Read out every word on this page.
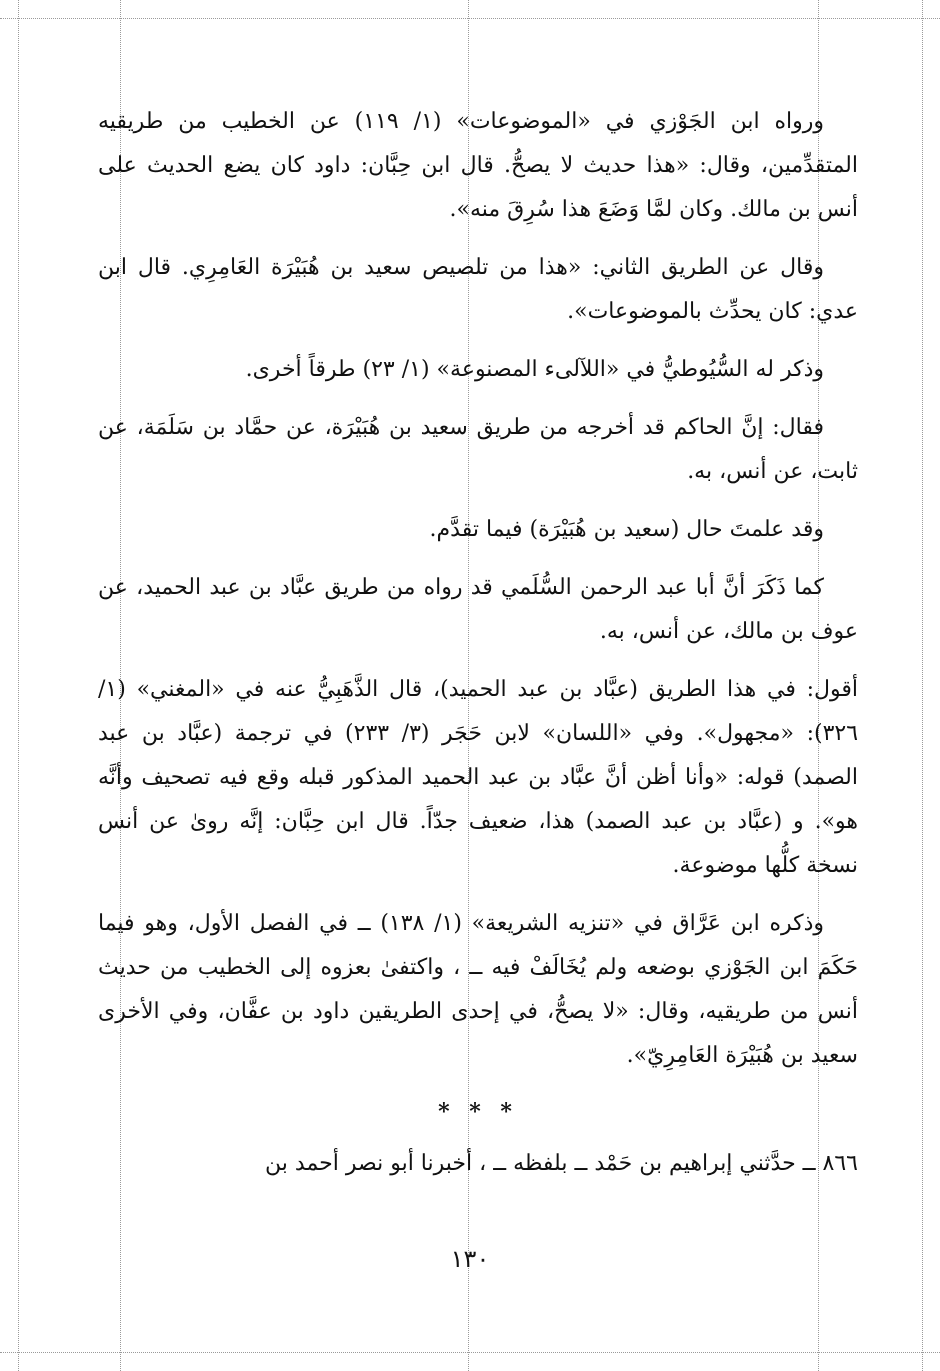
ورواه ابن الجَوْزي في «الموضوعات» (١/ ١١٩) عن الخطيب من طريقيه المتقدِّمين، وقال: «هذا حديث لا يصحُّ. قال ابن حِبَّان: داود كان يضع الحديث على أنس بن مالك. وكان لمَّا وَضَعَ هذا سُرِقَ منه».

وقال عن الطريق الثاني: «هذا من تلصيص سعيد بن هُبَيْرَة العَامِرِي. قال ابن عدي: كان يحدِّث بالموضوعات».

وذكر له السُّيُوطيُّ في «اللآلىء المصنوعة» (١/ ٢٣) طرقاً أخرى.

فقال: إنَّ الحاكم قد أخرجه من طريق سعيد بن هُبَيْرَة، عن حمَّاد بن سَلَمَة، عن ثابت، عن أنس، به.

وقد علمتَ حال (سعيد بن هُبَيْرَة) فيما تقدَّم.

كما ذَكَرَ أنَّ أبا عبد الرحمن السُّلَمي قد رواه من طريق عبَّاد بن عبد الحميد، عن عوف بن مالك، عن أنس، به.

أقول: في هذا الطريق (عبَّاد بن عبد الحميد)، قال الذَّهَبِيُّ عنه في «المغني» (١/ ٣٢٦): «مجهول». وفي «اللسان» لابن حَجَر (٣/ ٢٣٣) في ترجمة (عبَّاد بن عبد الصمد) قوله: «وأنا أظن أنَّ عبَّاد بن عبد الحميد المذكور قبله وقع فيه تصحيف وأنَّه هو». و (عبَّاد بن عبد الصمد) هذا، ضعيف جدّاً. قال ابن حِبَّان: إنَّه روىٰ عن أنس نسخة كلُّها موضوعة.

وذكره ابن عَرَّاق في «تنزيه الشريعة» (١/ ١٣٨) ــ في الفصل الأول، وهو فيما حَكَمَ ابن الجَوْزي بوضعه ولم يُخَالَفْ فيه ــ ، واكتفىٰ بعزوه إلى الخطيب من حديث أنس من طريقيه، وقال: «لا يصحُّ، في إحدى الطريقين داود بن عفَّان، وفي الأخرى سعيد بن هُبَيْرَة العَامِرِيّ».

* * *

٨٦٦ ــ حدَّثني إبراهيم بن حَمْد ــ بلفظه ــ ، أخبرنا أبو نصر أحمد بن

١٣٠
